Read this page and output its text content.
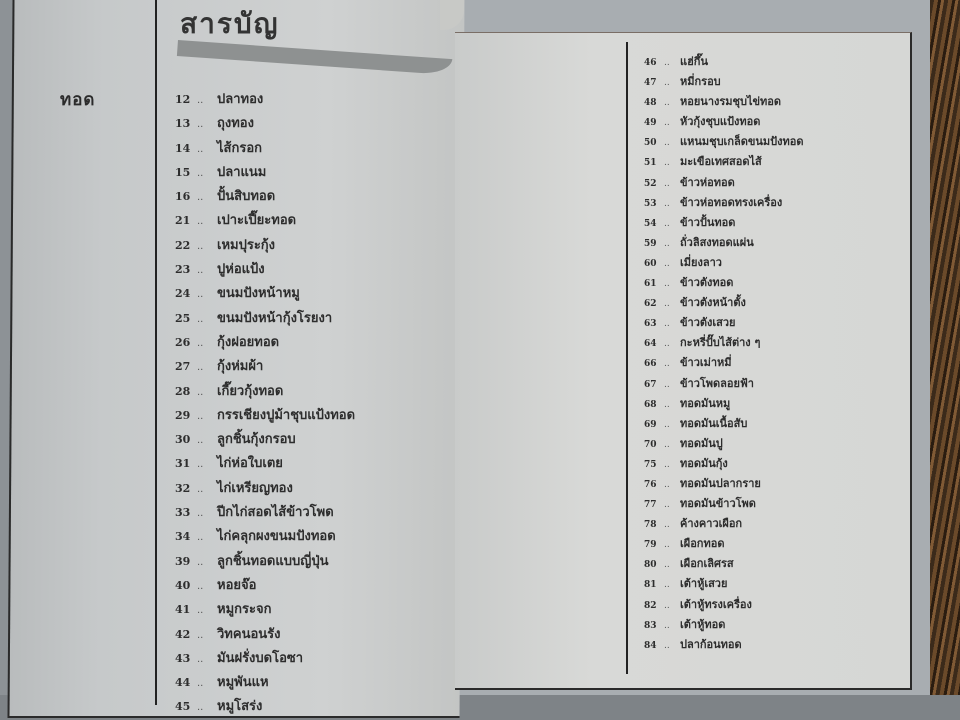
ทอด
สารบัญ
12 ..	ปลาทอง
13 ..	ถุงทอง
14 ..	ไส้กรอก
15 ..	ปลาแนม
16 ..	ปั้นสิบทอด
21 ..	เปาะเปี๊ยะทอด
22 ..	เหมปุระกุ้ง
23 ..	ปูห่อแป้ง
24 ..	ขนมปังหน้าหมู
25 ..	ขนมปังหน้ากุ้งโรยงา
26 ..	กุ้งฝอยทอด
27 ..	กุ้งห่มผ้า
28 ..	เกี๊ยวกุ้งทอด
29 ..	กรรเชียงปูม้าชุบแป้งทอด
30 ..	ลูกชิ้นกุ้งกรอบ
31 ..	ไก่ห่อใบเตย
32 ..	ไก่เหรียญทอง
33 ..	ปีกไก่สอดไส้ข้าวโพด
34 ..	ไก่คลุกผงขนมปังทอด
39 ..	ลูกชิ้นทอดแบบญี่ปุ่น
40 ..	หอยจ๊อ
41 ..	หมูกระจก
42 ..	วิทคนอนรัง
43 ..	มันฝรั่งบดโอซา
44 ..	หมูพันแห
45 ..	หมูโสร่ง
46 .. แฮ่กึ๊น
47 .. หมี่กรอบ
48 .. หอยนางรมชุบไข่ทอด
49 .. หัวกุ้งชุบแป้งทอด
50 .. แหนมชุบเกล็ดขนมปังทอด
51 .. มะเขือเทศสอดไส้
52 .. ข้าวห่อทอด
53 .. ข้าวห่อทอดทรงเครื่อง
54 .. ข้าวปั้นทอด
59 .. ถั่วลิสงทอดแผ่น
60 .. เมี่ยงลาว
61 .. ข้าวตังทอด
62 .. ข้าวตังหน้าตั้ง
63 .. ข้าวตังเสวย
64 .. กะหรี่ปั๊บไส้ต่าง ๆ
66 .. ข้าวเม่าหมี่
67 .. ข้าวโพดลอยฟ้า
68 .. ทอดมันหมู
69 .. ทอดมันเนื้อสับ
70 .. ทอดมันปู
75 .. ทอดมันกุ้ง
76 .. ทอดมันปลากราย
77 .. ทอดมันข้าวโพด
78 .. ค้างคาวเผือก
79 .. เผือกทอด
80 .. เผือกเลิศรส
81 .. เต้าหู้เสวย
82 .. เต้าหู้ทรงเครื่อง
83 .. เต้าหู้ทอด
84 .. ปลาก้อนทอด
